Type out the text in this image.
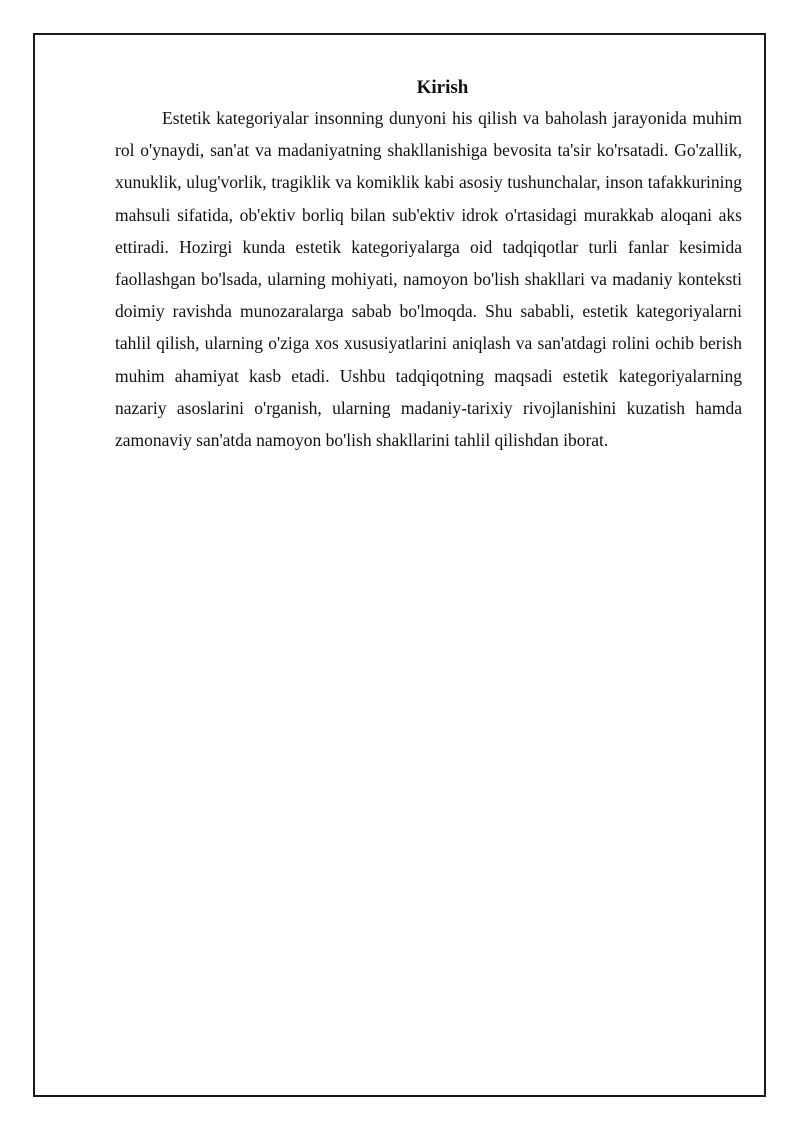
Kirish

Estetik kategoriyalar insonning dunyoni his qilish va baholash jarayonida muhim rol o'ynaydi, san'at va madaniyatning shakllanishiga bevosita ta'sir ko'rsatadi. Go'zallik, xunuklik, ulug'vorlik, tragiklik va komiklik kabi asosiy tushunchalar, inson tafakkurining mahsuli sifatida, ob'ektiv borliq bilan sub'ektiv idrok o'rtasidagi murakkab aloqani aks ettiradi. Hozirgi kunda estetik kategoriyalarga oid tadqiqotlar turli fanlar kesimida faollashgan bo'lsada, ularning mohiyati, namoyon bo'lish shakllari va madaniy konteksti doimiy ravishda munozaralarga sabab bo'lmoqda. Shu sababli, estetik kategoriyalarni tahlil qilish, ularning o'ziga xos xususiyatlarini aniqlash va san'atdagi rolini ochib berish muhim ahamiyat kasb etadi. Ushbu tadqiqotning maqsadi estetik kategoriyalarning nazariy asoslarini o'rganish, ularning madaniy-tarixiy rivojlanishini kuzatish hamda zamonaviy san'atda namoyon bo'lish shakllarini tahlil qilishdan iborat.
